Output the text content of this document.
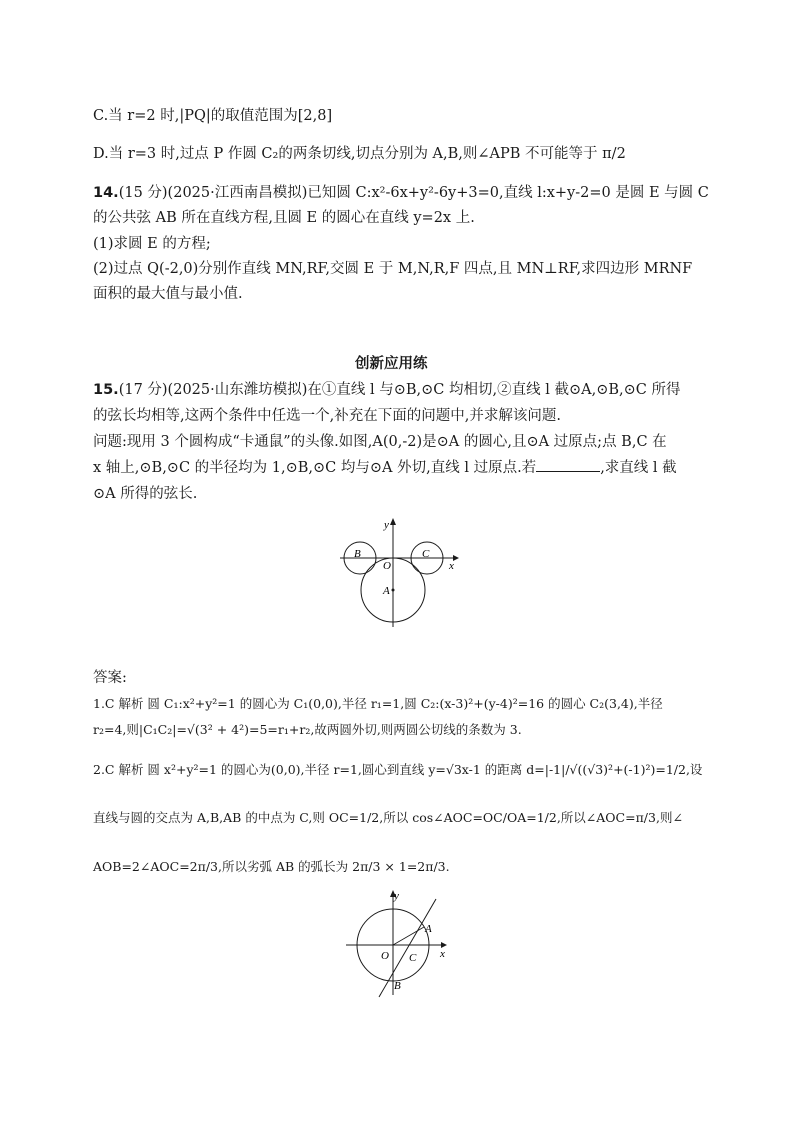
C.当 r=2 时,|PQ|的取值范围为[2,8]
D.当 r=3 时,过点 P 作圆 C₂的两条切线,切点分别为 A,B,则∠APB 不可能等于 π/2
14.(15 分)(2025·江西南昌模拟)已知圆 C:x²-6x+y²-6y+3=0,直线 l:x+y-2=0 是圆 E 与圆 C
的公共弦 AB 所在直线方程,且圆 E 的圆心在直线 y=2x 上.
(1)求圆 E 的方程;
(2)过点 Q(-2,0)分别作直线 MN,RF,交圆 E 于 M,N,R,F 四点,且 MN⊥RF,求四边形 MRNF
面积的最大值与最小值.
创新应用练
15.(17 分)(2025·山东潍坊模拟)在①直线 l 与⊙B,⊙C 均相切,②直线 l 截⊙A,⊙B,⊙C 所得
的弦长均相等,这两个条件中任选一个,补充在下面的问题中,并求解该问题.
问题:现用 3 个圆构成“卡通鼠”的头像.如图,A(0,-2)是⊙A 的圆心,且⊙A 过原点;点 B,C 在
x 轴上,⊙B,⊙C 的半径均为 1,⊙B,⊙C 均与⊙A 外切,直线 l 过原点.若	,求直线 l 截
⊙A 所得的弦长.
y
x
B	C
O
A
答案:
1.C 解析 圆 C₁:x²+y²=1 的圆心为 C₁(0,0),半径 r₁=1,圆 C₂:(x-3)²+(y-4)²=16 的圆心 C₂(3,4),半径
r₂=4,则|C₁C₂|=√(3² + 4²)=5=r₁+r₂,故两圆外切,则两圆公切线的条数为 3.
2.C 解析 圆 x²+y²=1 的圆心为(0,0),半径 r=1,圆心到直线 y=√3x-1 的距离 d=|-1|/√((√3)²+(-1)²)=1/2,设
直线与圆的交点为 A,B,AB 的中点为 C,则 OC=1/2,所以 cos∠AOC=OC/OA=1/2,所以∠AOC=π/3,则∠
AOB=2∠AOC=2π/3,所以劣弧 AB 的弧长为 2π/3 × 1=2π/3.
y
x
O
A
C
B
